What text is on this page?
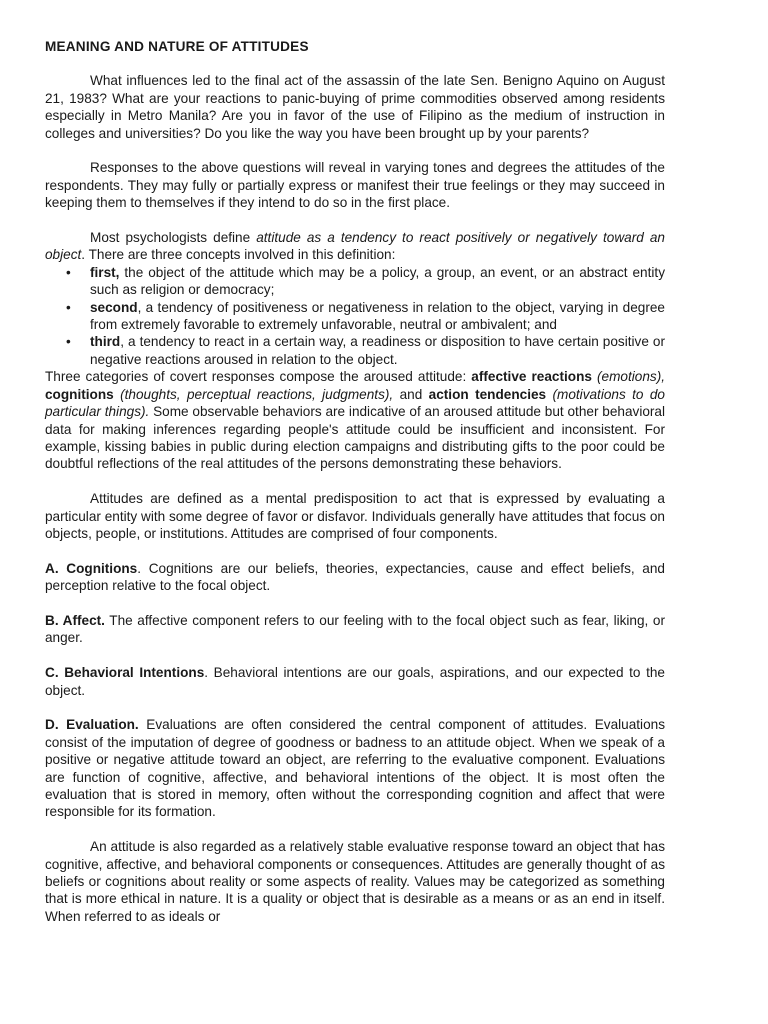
MEANING AND NATURE OF ATTITUDES

What influences led to the final act of the assassin of the late Sen. Benigno Aquino on August 21, 1983? What are your reactions to panic-buying of prime commodities observed among residents especially in Metro Manila? Are you in favor of the use of Filipino as the medium of instruction in colleges and universities? Do you like the way you have been brought up by your parents?

Responses to the above questions will reveal in varying tones and degrees the attitudes of the respondents. They may fully or partially express or manifest their true feelings or they may succeed in keeping them to themselves if they intend to do so in the first place.

Most psychologists define attitude as a tendency to react positively or negatively toward an object. There are three concepts involved in this definition:

• first, the object of the attitude which may be a policy, a group, an event, or an abstract entity such as religion or democracy;
• second, a tendency of positiveness or negativeness in relation to the object, varying in degree from extremely favorable to extremely unfavorable, neutral or ambivalent; and
• third, a tendency to react in a certain way, a readiness or disposition to have certain positive or negative reactions aroused in relation to the object.

Three categories of covert responses compose the aroused attitude: affective reactions (emotions), cognitions (thoughts, perceptual reactions, judgments), and action tendencies (motivations to do particular things). Some observable behaviors are indicative of an aroused attitude but other behavioral data for making inferences regarding people's attitude could be insufficient and inconsistent. For example, kissing babies in public during election campaigns and distributing gifts to the poor could be doubtful reflections of the real attitudes of the persons demonstrating these behaviors.

Attitudes are defined as a mental predisposition to act that is expressed by evaluating a particular entity with some degree of favor or disfavor. Individuals generally have attitudes that focus on objects, people, or institutions. Attitudes are comprised of four components.

A. Cognitions. Cognitions are our beliefs, theories, expectancies, cause and effect beliefs, and perception relative to the focal object.

B. Affect. The affective component refers to our feeling with to the focal object such as fear, liking, or anger.

C. Behavioral Intentions. Behavioral intentions are our goals, aspirations, and our expected to the object.

D. Evaluation. Evaluations are often considered the central component of attitudes. Evaluations consist of the imputation of degree of goodness or badness to an attitude object. When we speak of a positive or negative attitude toward an object, are referring to the evaluative component. Evaluations are function of cognitive, affective, and behavioral intentions of the object. It is most often the evaluation that is stored in memory, often without the corresponding cognition and affect that were responsible for its formation.

An attitude is also regarded as a relatively stable evaluative response toward an object that has cognitive, affective, and behavioral components or consequences. Attitudes are generally thought of as beliefs or cognitions about reality or some aspects of reality. Values may be categorized as something that is more ethical in nature. It is a quality or object that is desirable as a means or as an end in itself. When referred to as ideals or
